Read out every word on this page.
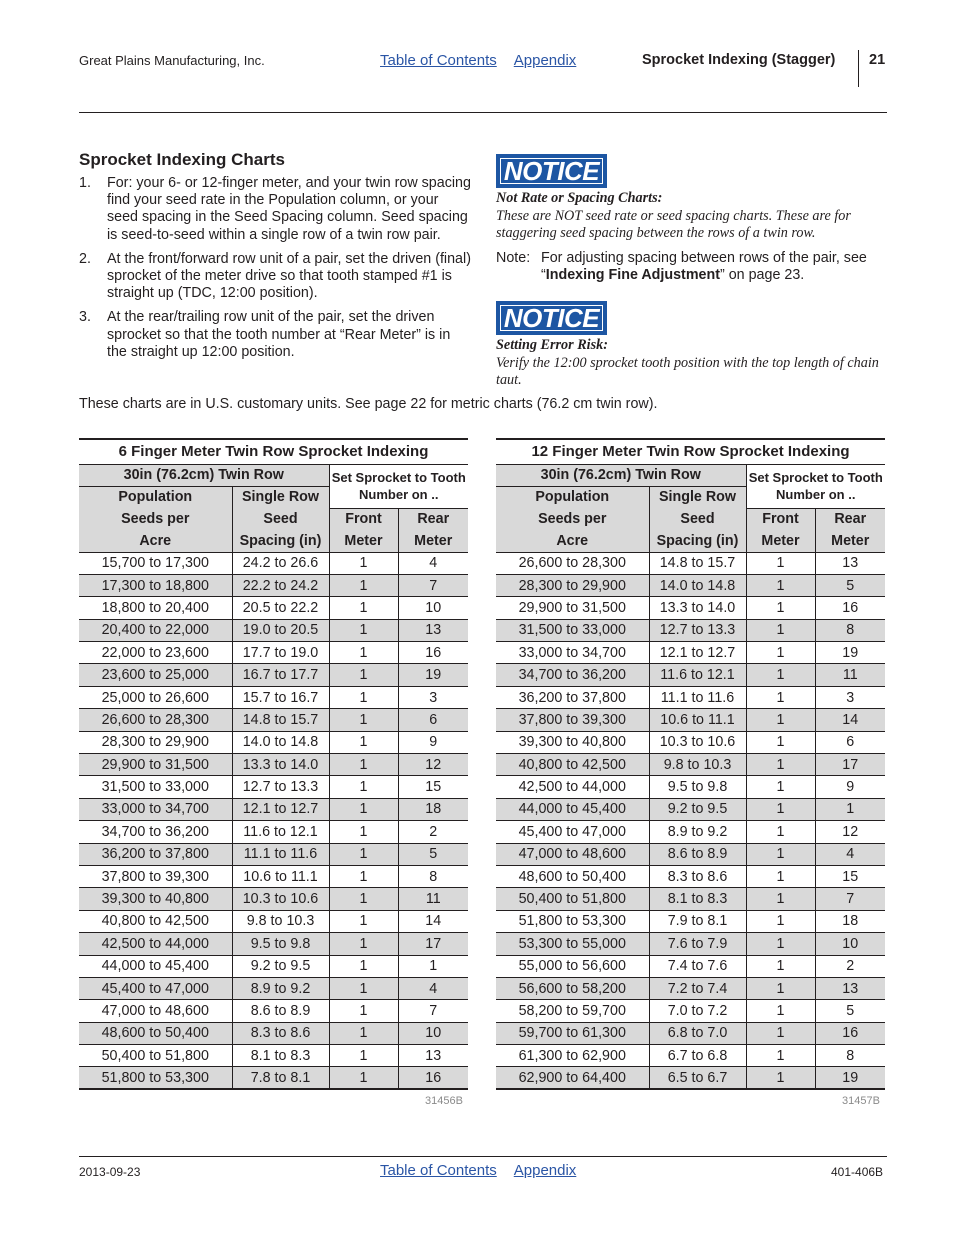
Great Plains Manufacturing, Inc.	Table of Contents Appendix	Sprocket Indexing (Stagger) 21
Sprocket Indexing Charts
1. For: your 6- or 12-finger meter, and your twin row spacing find your seed rate in the Population column, or your seed spacing in the Seed Spacing column. Seed spacing is seed-to-seed within a single row of a twin row pair.
2. At the front/forward row unit of a pair, set the driven (final) sprocket of the meter drive so that tooth stamped #1 is straight up (TDC, 12:00 position).
3. At the rear/trailing row unit of the pair, set the driven sprocket so that the tooth number at “Rear Meter” is in the straight up 12:00 position.
NOTICE
Not Rate or Spacing Charts:
These are NOT seed rate or seed spacing charts. These are for staggering seed spacing between the rows of a twin row.
Note: For adjusting spacing between rows of the pair, see “Indexing Fine Adjustment” on page 23.
NOTICE
Setting Error Risk:
Verify the 12:00 sprocket tooth position with the top length of chain taut.
These charts are in U.S. customary units. See page 22 for metric charts (76.2 cm twin row).
6 Finger Meter Twin Row Sprocket Indexing			
30in (76.2cm) Twin Row		Set Sprocket to Tooth Number on ..	
Population	Single Row		
Seeds per	Seed	Front	Rear
Acre	Spacing (in)	Meter	Meter
15,700 to 17,300	24.2 to 26.6	1	4
17,300 to 18,800	22.2 to 24.2	1	7
18,800 to 20,400	20.5 to 22.2	1	10
20,400 to 22,000	19.0 to 20.5	1	13
22,000 to 23,600	17.7 to 19.0	1	16
23,600 to 25,000	16.7 to 17.7	1	19
25,000 to 26,600	15.7 to 16.7	1	3
26,600 to 28,300	14.8 to 15.7	1	6
28,300 to 29,900	14.0 to 14.8	1	9
29,900 to 31,500	13.3 to 14.0	1	12
31,500 to 33,000	12.7 to 13.3	1	15
33,000 to 34,700	12.1 to 12.7	1	18
34,700 to 36,200	11.6 to 12.1	1	2
36,200 to 37,800	11.1 to 11.6	1	5
37,800 to 39,300	10.6 to 11.1	1	8
39,300 to 40,800	10.3 to 10.6	1	11
40,800 to 42,500	9.8 to 10.3	1	14
42,500 to 44,000	9.5 to 9.8	1	17
44,000 to 45,400	9.2 to 9.5	1	1
45,400 to 47,000	8.9 to 9.2	1	4
47,000 to 48,600	8.6 to 8.9	1	7
48,600 to 50,400	8.3 to 8.6	1	10
50,400 to 51,800	8.1 to 8.3	1	13
51,800 to 53,300	7.8 to 8.1	1	16
31456B
12 Finger Meter Twin Row Sprocket Indexing			
30in (76.2cm) Twin Row		Set Sprocket to Tooth Number on ..	
Population	Single Row		
Seeds per	Seed	Front	Rear
Acre	Spacing (in)	Meter	Meter
26,600 to 28,300	14.8 to 15.7	1	13
28,300 to 29,900	14.0 to 14.8	1	5
29,900 to 31,500	13.3 to 14.0	1	16
31,500 to 33,000	12.7 to 13.3	1	8
33,000 to 34,700	12.1 to 12.7	1	19
34,700 to 36,200	11.6 to 12.1	1	11
36,200 to 37,800	11.1 to 11.6	1	3
37,800 to 39,300	10.6 to 11.1	1	14
39,300 to 40,800	10.3 to 10.6	1	6
40,800 to 42,500	9.8 to 10.3	1	17
42,500 to 44,000	9.5 to 9.8	1	9
44,000 to 45,400	9.2 to 9.5	1	1
45,400 to 47,000	8.9 to 9.2	1	12
47,000 to 48,600	8.6 to 8.9	1	4
48,600 to 50,400	8.3 to 8.6	1	15
50,400 to 51,800	8.1 to 8.3	1	7
51,800 to 53,300	7.9 to 8.1	1	18
53,300 to 55,000	7.6 to 7.9	1	10
55,000 to 56,600	7.4 to 7.6	1	2
56,600 to 58,200	7.2 to 7.4	1	13
58,200 to 59,700	7.0 to 7.2	1	5
59,700 to 61,300	6.8 to 7.0	1	16
61,300 to 62,900	6.7 to 6.8	1	8
62,900 to 64,400	6.5 to 6.7	1	19
31457B
2013-09-23	Table of Contents Appendix	401-406B
